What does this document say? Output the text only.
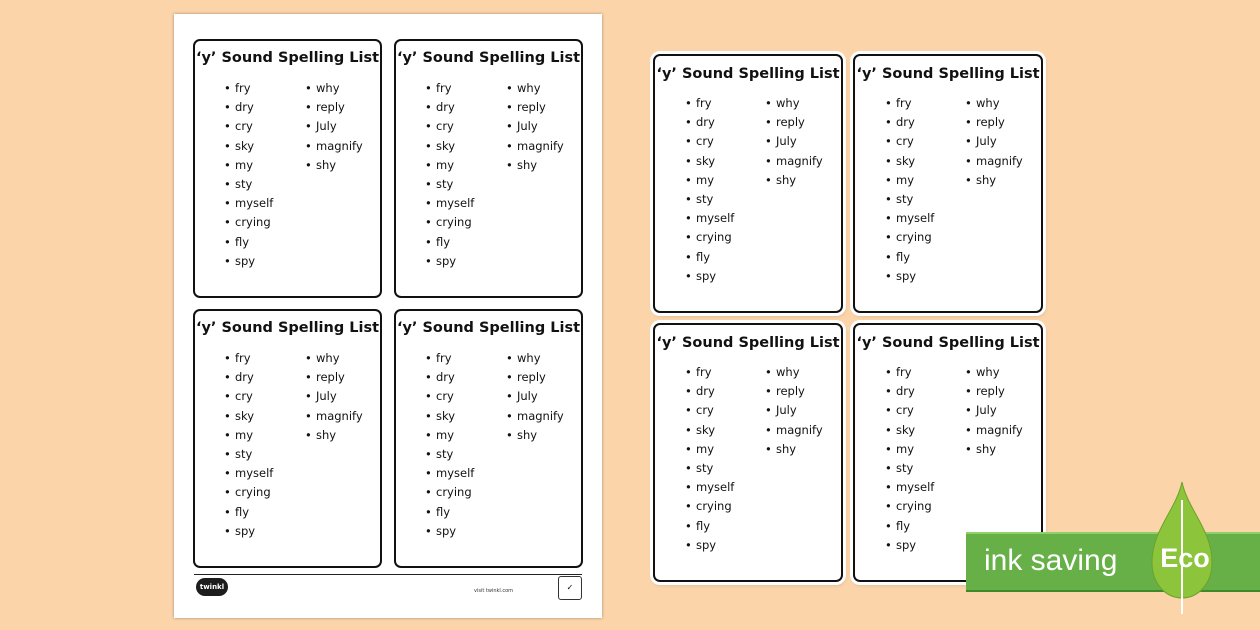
‘y’ Sound Spelling List
• fry
• dry
• cry
• sky
• my
• sty
• myself
• crying
• fly
• spy
• why
• reply
• July
• magnify
• shy
‘y’ Sound Spelling List
• fry
• dry
• cry
• sky
• my
• sty
• myself
• crying
• fly
• spy
• why
• reply
• July
• magnify
• shy
‘y’ Sound Spelling List
• fry
• dry
• cry
• sky
• my
• sty
• myself
• crying
• fly
• spy
• why
• reply
• July
• magnify
• shy
‘y’ Sound Spelling List
• fry
• dry
• cry
• sky
• my
• sty
• myself
• crying
• fly
• spy
• why
• reply
• July
• magnify
• shy
twinkl	visit twinkl.com	✓
‘y’ Sound Spelling List
• fry
• dry
• cry
• sky
• my
• sty
• myself
• crying
• fly
• spy
• why
• reply
• July
• magnify
• shy
‘y’ Sound Spelling List
• fry
• dry
• cry
• sky
• my
• sty
• myself
• crying
• fly
• spy
• why
• reply
• July
• magnify
• shy
‘y’ Sound Spelling List
• fry
• dry
• cry
• sky
• my
• sty
• myself
• crying
• fly
• spy
• why
• reply
• July
• magnify
• shy
‘y’ Sound Spelling List
• fry
• dry
• cry
• sky
• my
• sty
• myself
• crying
• fly
• spy
• why
• reply
• July
• magnify
• shy
ink saving Eco
